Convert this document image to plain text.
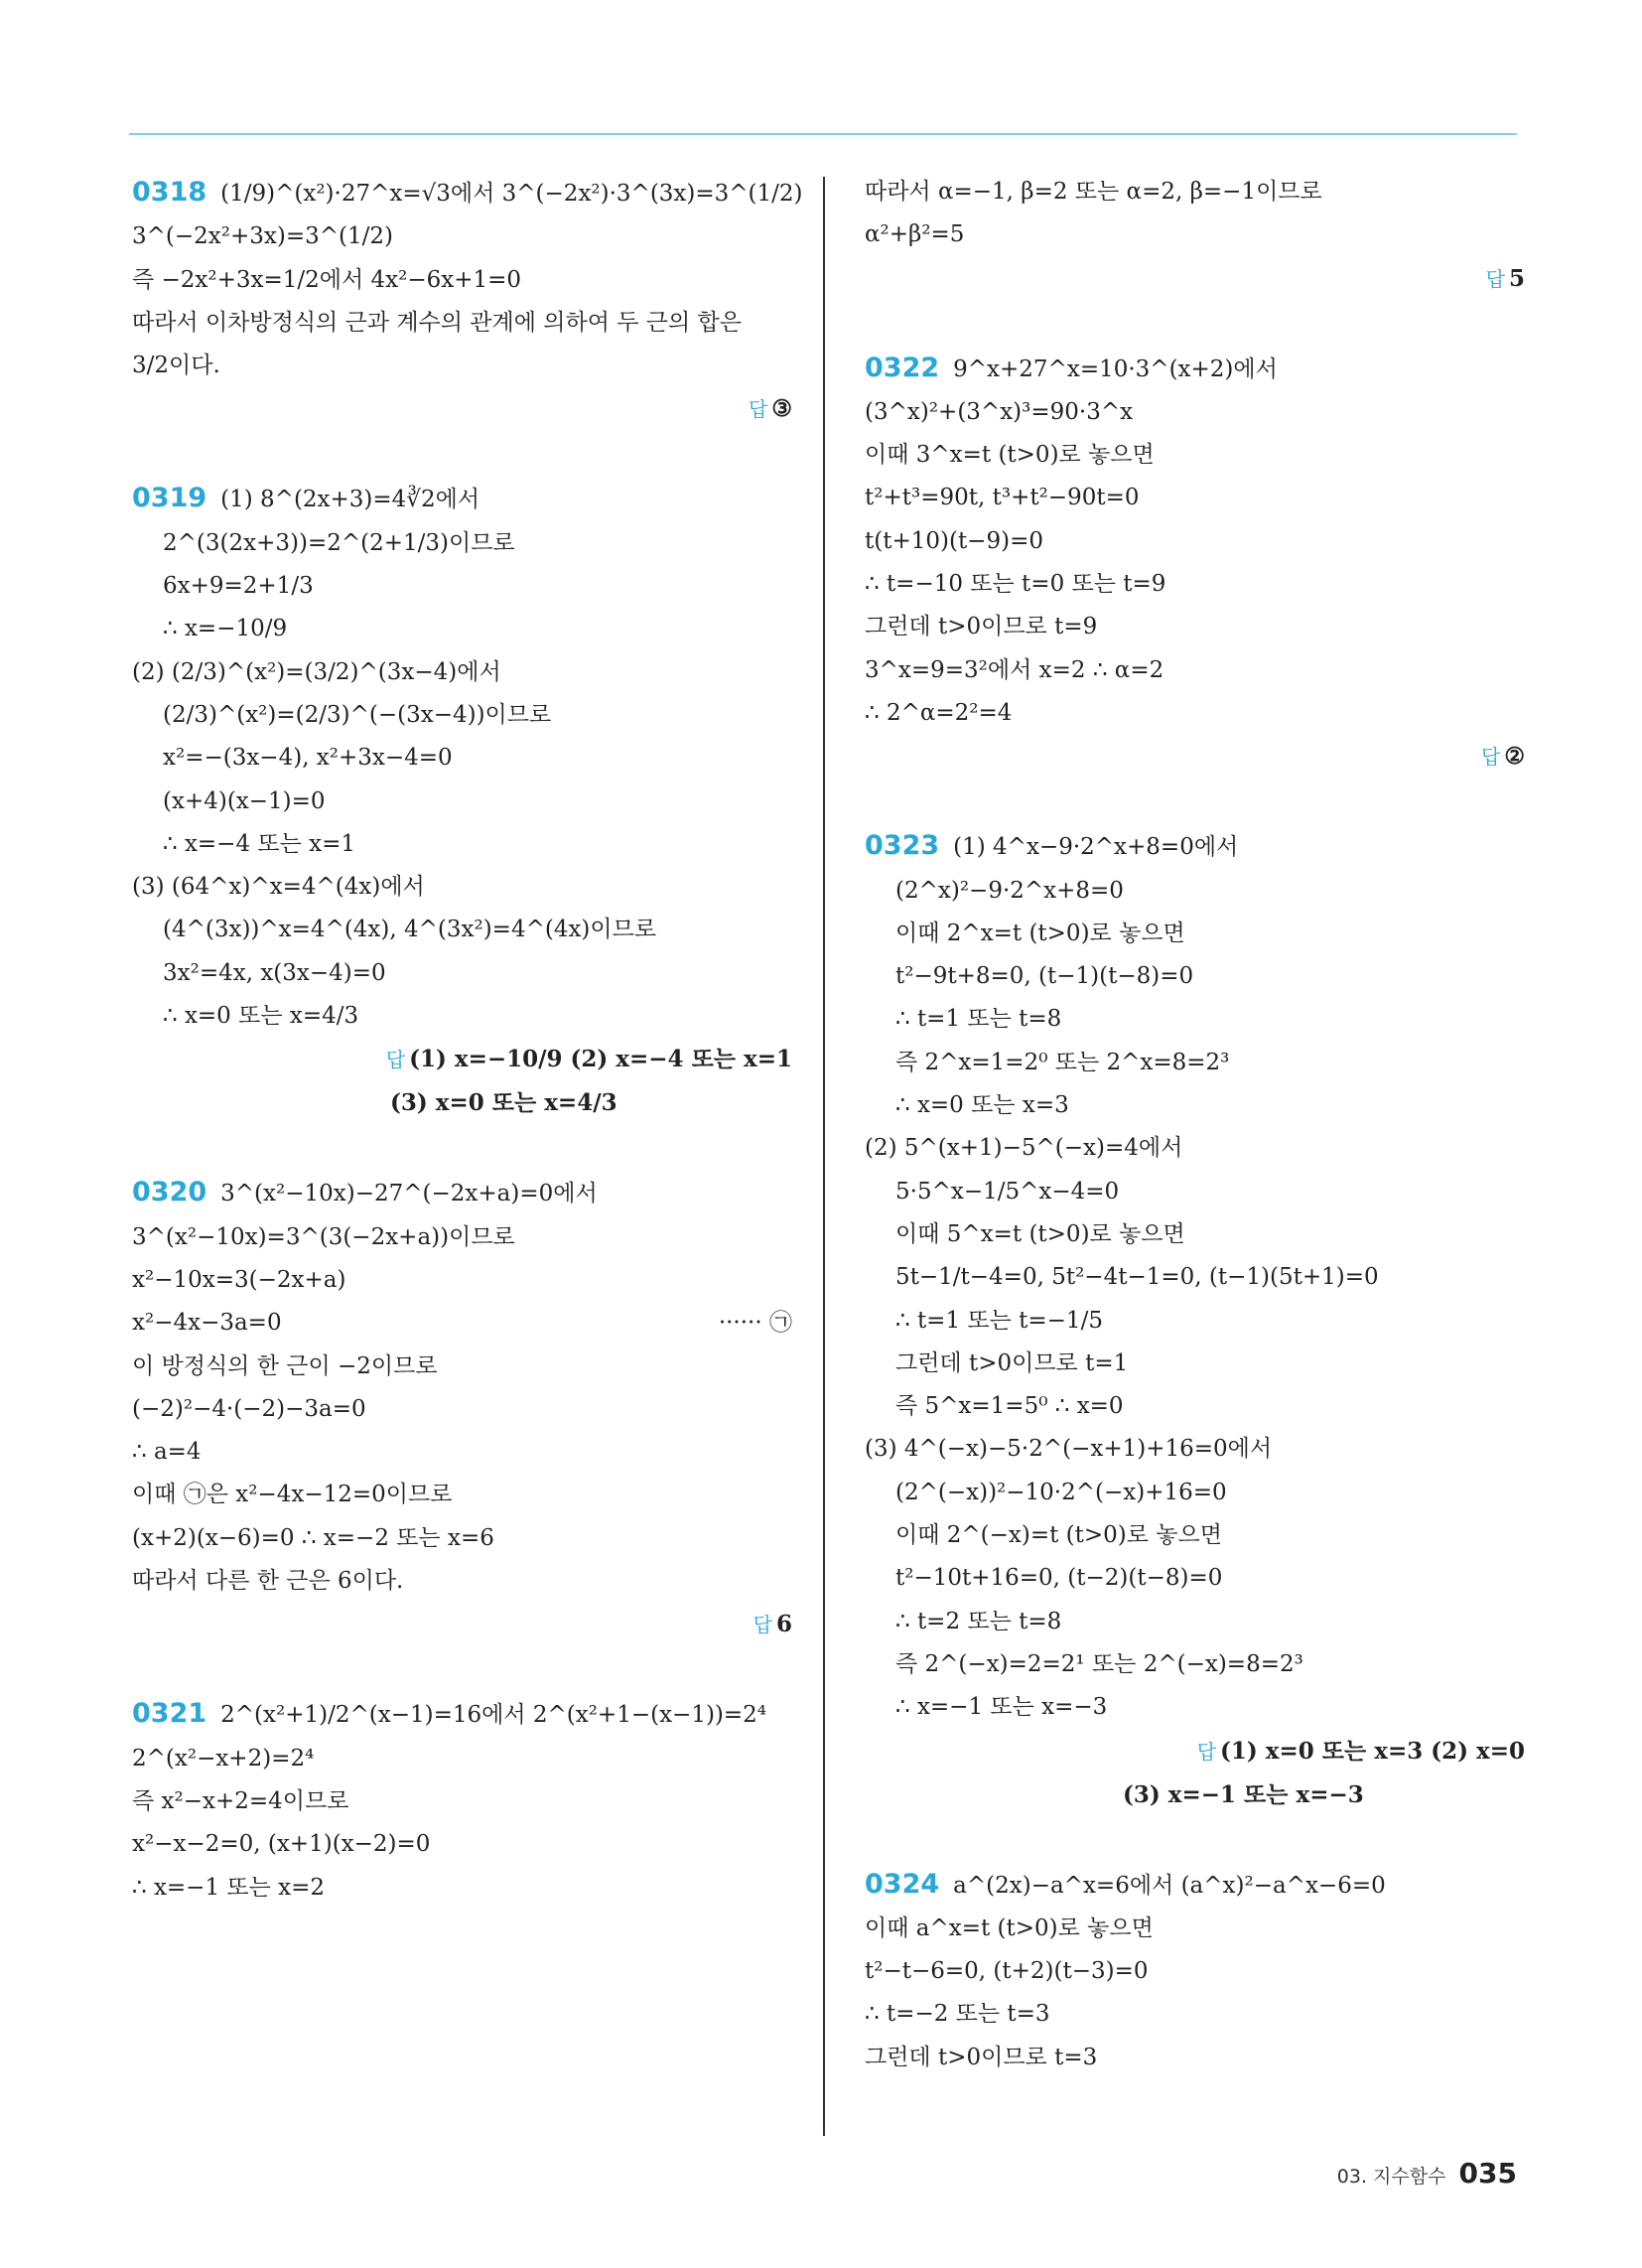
0318 (1/9)^(x²)·27^x=√3에서 3^(−2x²)·3^(3x)=3^(1/2)
3^(−2x²+3x)=3^(1/2)
즉 −2x²+3x=1/2에서 4x²−6x+1=0
따라서 이차방정식의 근과 계수의 관계에 의하여 두 근의 합은
3/2이다.
답 ③
0319 (1) 8^(2x+3)=4∛2에서
2^(3(2x+3))=2^(2+1/3)이므로
6x+9=2+1/3
∴ x=−10/9
(2) (2/3)^(x²)=(3/2)^(3x−4)에서
(2/3)^(x²)=(2/3)^(−(3x−4))이므로
x²=−(3x−4), x²+3x−4=0
(x+4)(x−1)=0
∴ x=−4 또는 x=1
(3) (64^x)^x=4^(4x)에서
(4^(3x))^x=4^(4x), 4^(3x²)=4^(4x)이므로
3x²=4x, x(3x−4)=0
∴ x=0 또는 x=4/3
답 (1) x=−10/9 (2) x=−4 또는 x=1
(3) x=0 또는 x=4/3
0320 3^(x²−10x)−27^(−2x+a)=0에서
3^(x²−10x)=3^(3(−2x+a))이므로
x²−10x=3(−2x+a)
x²−4x−3a=0	······ ㉠
이 방정식의 한 근이 −2이므로
(−2)²−4·(−2)−3a=0
∴ a=4
이때 ㉠은 x²−4x−12=0이므로
(x+2)(x−6)=0 ∴ x=−2 또는 x=6
따라서 다른 한 근은 6이다.
답 6
0321 2^(x²+1)/2^(x−1)=16에서 2^(x²+1−(x−1))=2⁴
2^(x²−x+2)=2⁴
즉 x²−x+2=4이므로
x²−x−2=0, (x+1)(x−2)=0
∴ x=−1 또는 x=2
따라서 α=−1, β=2 또는 α=2, β=−1이므로
α²+β²=5
답 5
0322 9^x+27^x=10·3^(x+2)에서
(3^x)²+(3^x)³=90·3^x
이때 3^x=t (t>0)로 놓으면
t²+t³=90t, t³+t²−90t=0
t(t+10)(t−9)=0
∴ t=−10 또는 t=0 또는 t=9
그런데 t>0이므로 t=9
3^x=9=3²에서 x=2 ∴ α=2
∴ 2^α=2²=4
답 ②
0323 (1) 4^x−9·2^x+8=0에서
(2^x)²−9·2^x+8=0
이때 2^x=t (t>0)로 놓으면
t²−9t+8=0, (t−1)(t−8)=0
∴ t=1 또는 t=8
즉 2^x=1=2⁰ 또는 2^x=8=2³
∴ x=0 또는 x=3
(2) 5^(x+1)−5^(−x)=4에서
5·5^x−1/5^x−4=0
이때 5^x=t (t>0)로 놓으면
5t−1/t−4=0, 5t²−4t−1=0, (t−1)(5t+1)=0
∴ t=1 또는 t=−1/5
그런데 t>0이므로 t=1
즉 5^x=1=5⁰ ∴ x=0
(3) 4^(−x)−5·2^(−x+1)+16=0에서
(2^(−x))²−10·2^(−x)+16=0
이때 2^(−x)=t (t>0)로 놓으면
t²−10t+16=0, (t−2)(t−8)=0
∴ t=2 또는 t=8
즉 2^(−x)=2=2¹ 또는 2^(−x)=8=2³
∴ x=−1 또는 x=−3
답 (1) x=0 또는 x=3 (2) x=0
(3) x=−1 또는 x=−3
0324 a^(2x)−a^x=6에서 (a^x)²−a^x−6=0
이때 a^x=t (t>0)로 놓으면
t²−t−6=0, (t+2)(t−3)=0
∴ t=−2 또는 t=3
그런데 t>0이므로 t=3
03. 지수함수 035
